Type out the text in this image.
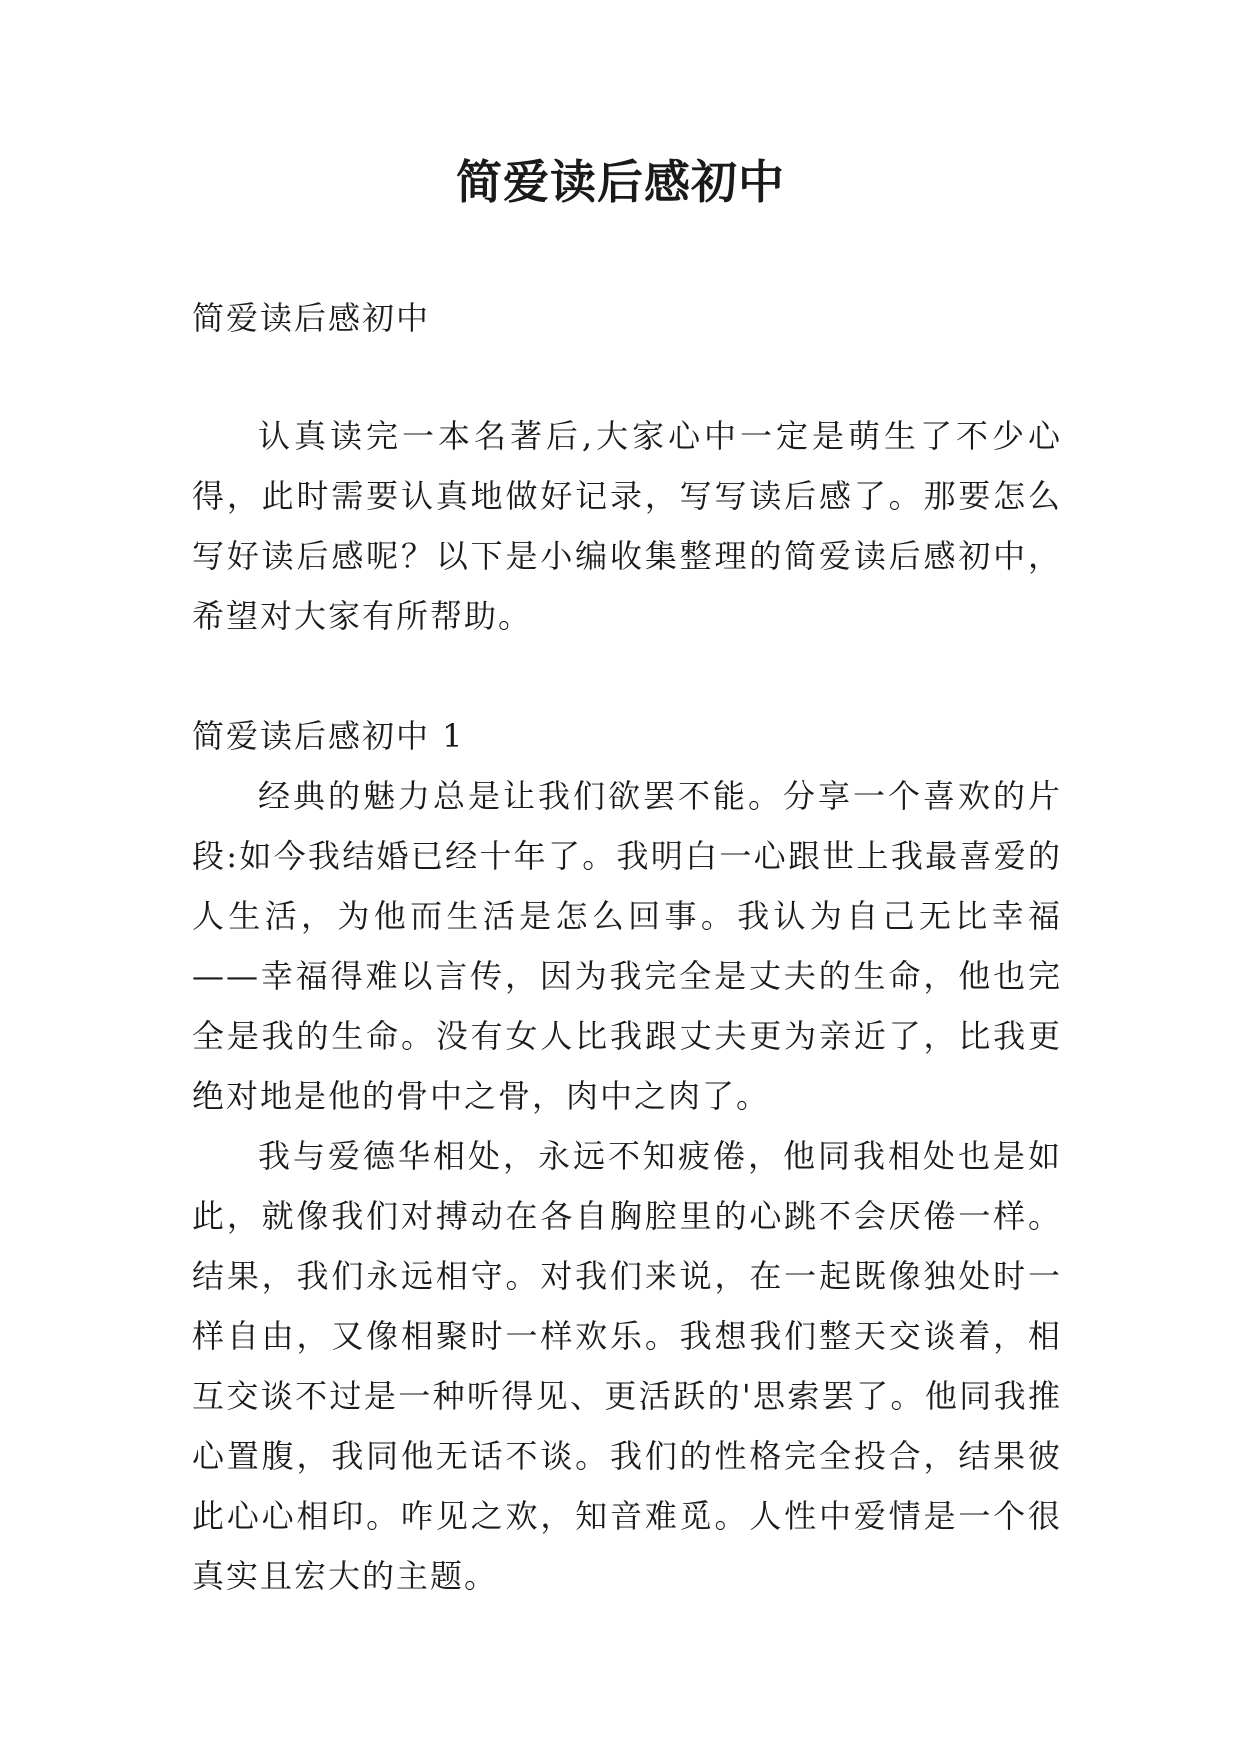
简爱读后感初中

简爱读后感初中

认真读完一本名著后,大家心中一定是萌生了不少心得，此时需要认真地做好记录，写写读后感了。那要怎么写好读后感呢？以下是小编收集整理的简爱读后感初中，希望对大家有所帮助。

简爱读后感初中 1

经典的魅力总是让我们欲罢不能。分享一个喜欢的片段:如今我结婚已经十年了。我明白一心跟世上我最喜爱的人生活，为他而生活是怎么回事。我认为自己无比幸福——幸福得难以言传，因为我完全是丈夫的生命，他也完全是我的生命。没有女人比我跟丈夫更为亲近了，比我更绝对地是他的骨中之骨，肉中之肉了。

我与爱德华相处，永远不知疲倦，他同我相处也是如此，就像我们对搏动在各自胸腔里的心跳不会厌倦一样。结果，我们永远相守。对我们来说，在一起既像独处时一样自由，又像相聚时一样欢乐。我想我们整天交谈着，相互交谈不过是一种听得见、更活跃的'思索罢了。他同我推心置腹，我同他无话不谈。我们的性格完全投合，结果彼此心心相印。咋见之欢，知音难觅。人性中爱情是一个很真实且宏大的主题。
